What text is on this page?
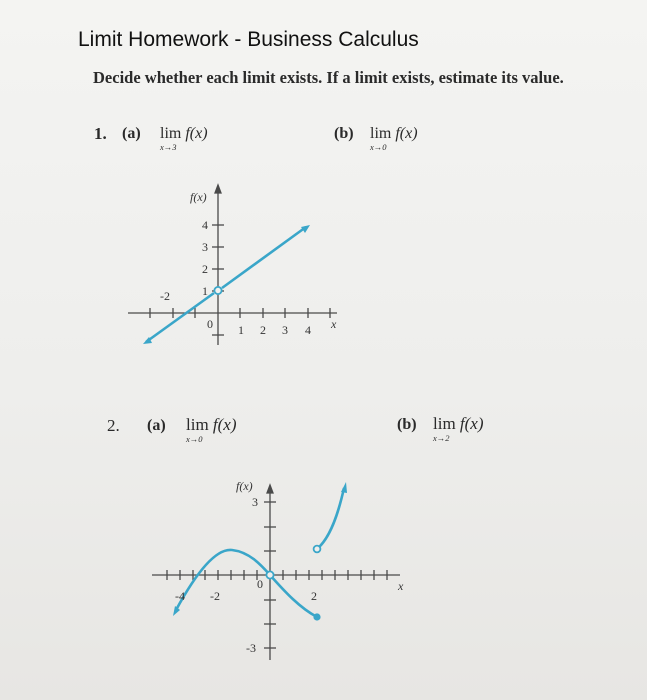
Limit Homework - Business Calculus
Decide whether each limit exists. If a limit exists, estimate its value.
1. (a) lim f(x)
x→3
(b) lim f(x)
x→0
f(x)
x
-2
0 1 2 3 4
1
2
3
4
2. (a) lim f(x)
x→0
(b) lim f(x)
x→2
f(x)
x
-4 -2
0
2
3
-3
